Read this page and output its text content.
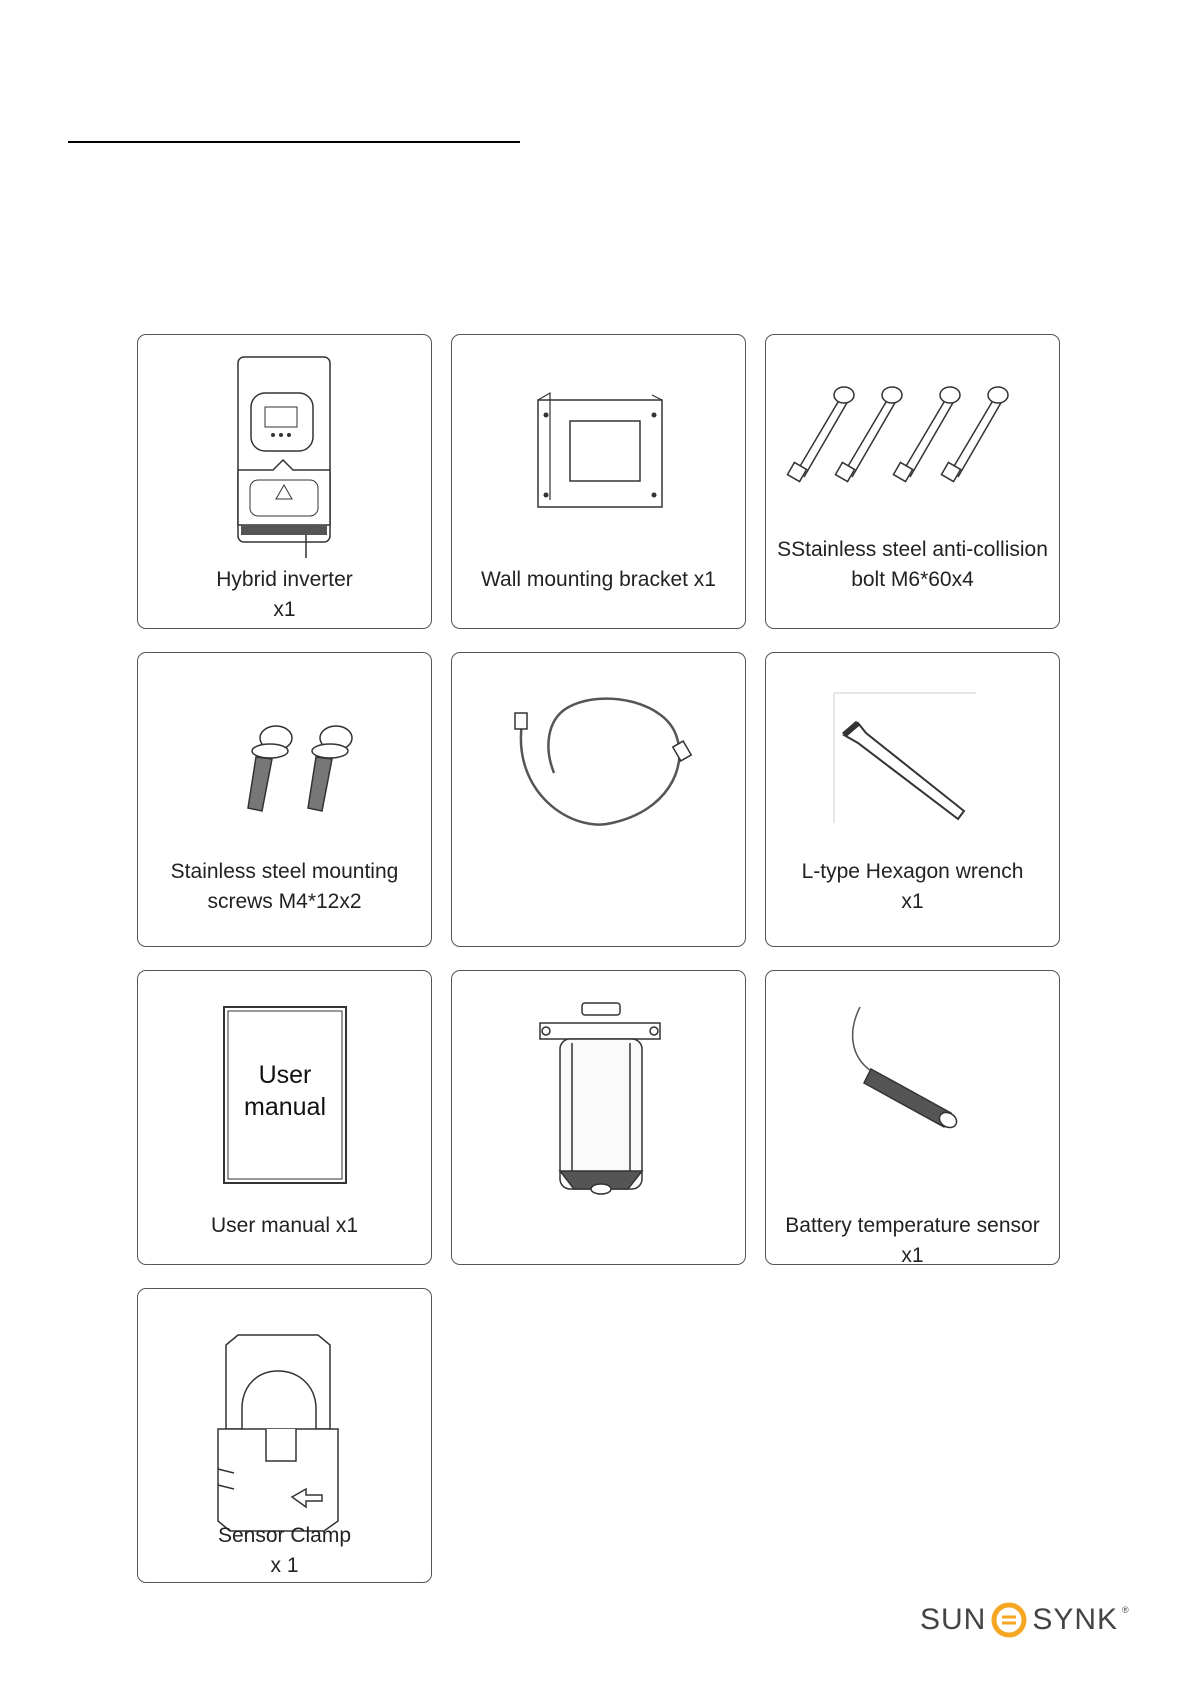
Hybrid inverter
x1
Wall mounting bracket x1
SStainless steel anti-collision
bolt M6*60x4
Stainless steel mounting
screws M4*12x2
L-type Hexagon wrench
x1
User
manual
User manual x1	Battery temperature sensor
x1
Sensor Clamp
x 1
SUN SYNK ®
